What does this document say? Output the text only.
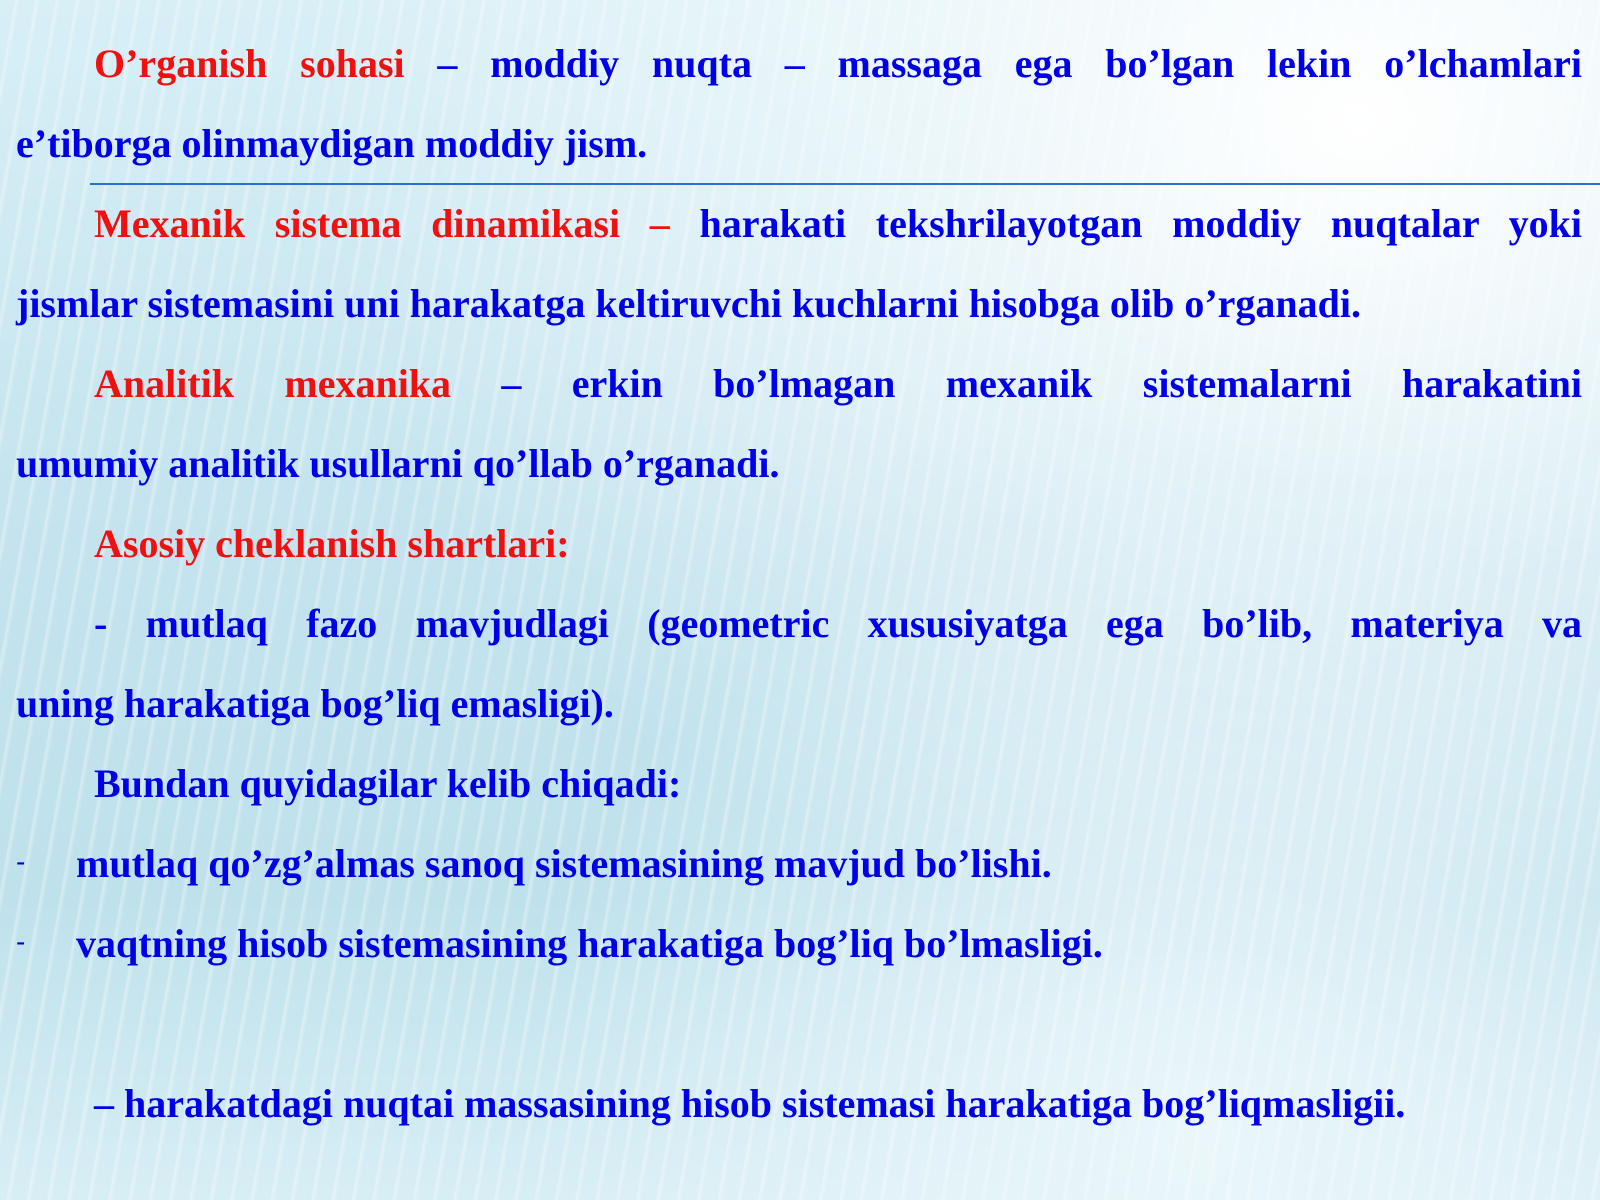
O’rganish sohasi – moddiy nuqta – massaga ega bo’lgan lekin o’lchamlari
e’tiborga olinmaydigan moddiy jism.
Mexanik sistema dinamikasi – harakati tekshrilayotgan moddiy nuqtalar yoki
jismlar sistemasini uni harakatga keltiruvchi kuchlarni hisobga olib o’rganadi.
Analitik mexanika – erkin bo’lmagan mexanik sistemalarni harakatini
umumiy analitik usullarni qo’llab o’rganadi.
Asosiy cheklanish shartlari:
- mutlaq fazo mavjudlagi (geometric xususiyatga ega bo’lib, materiya va
uning harakatiga bog’liq emasligi).
Bundan quyidagilar kelib chiqadi:
- mutlaq qo’zg’almas sanoq sistemasining mavjud bo’lishi.
- vaqtning hisob sistemasining harakatiga bog’liq bo’lmasligi.
– harakatdagi nuqtai massasining hisob sistemasi harakatiga bog’liqmasligii.
